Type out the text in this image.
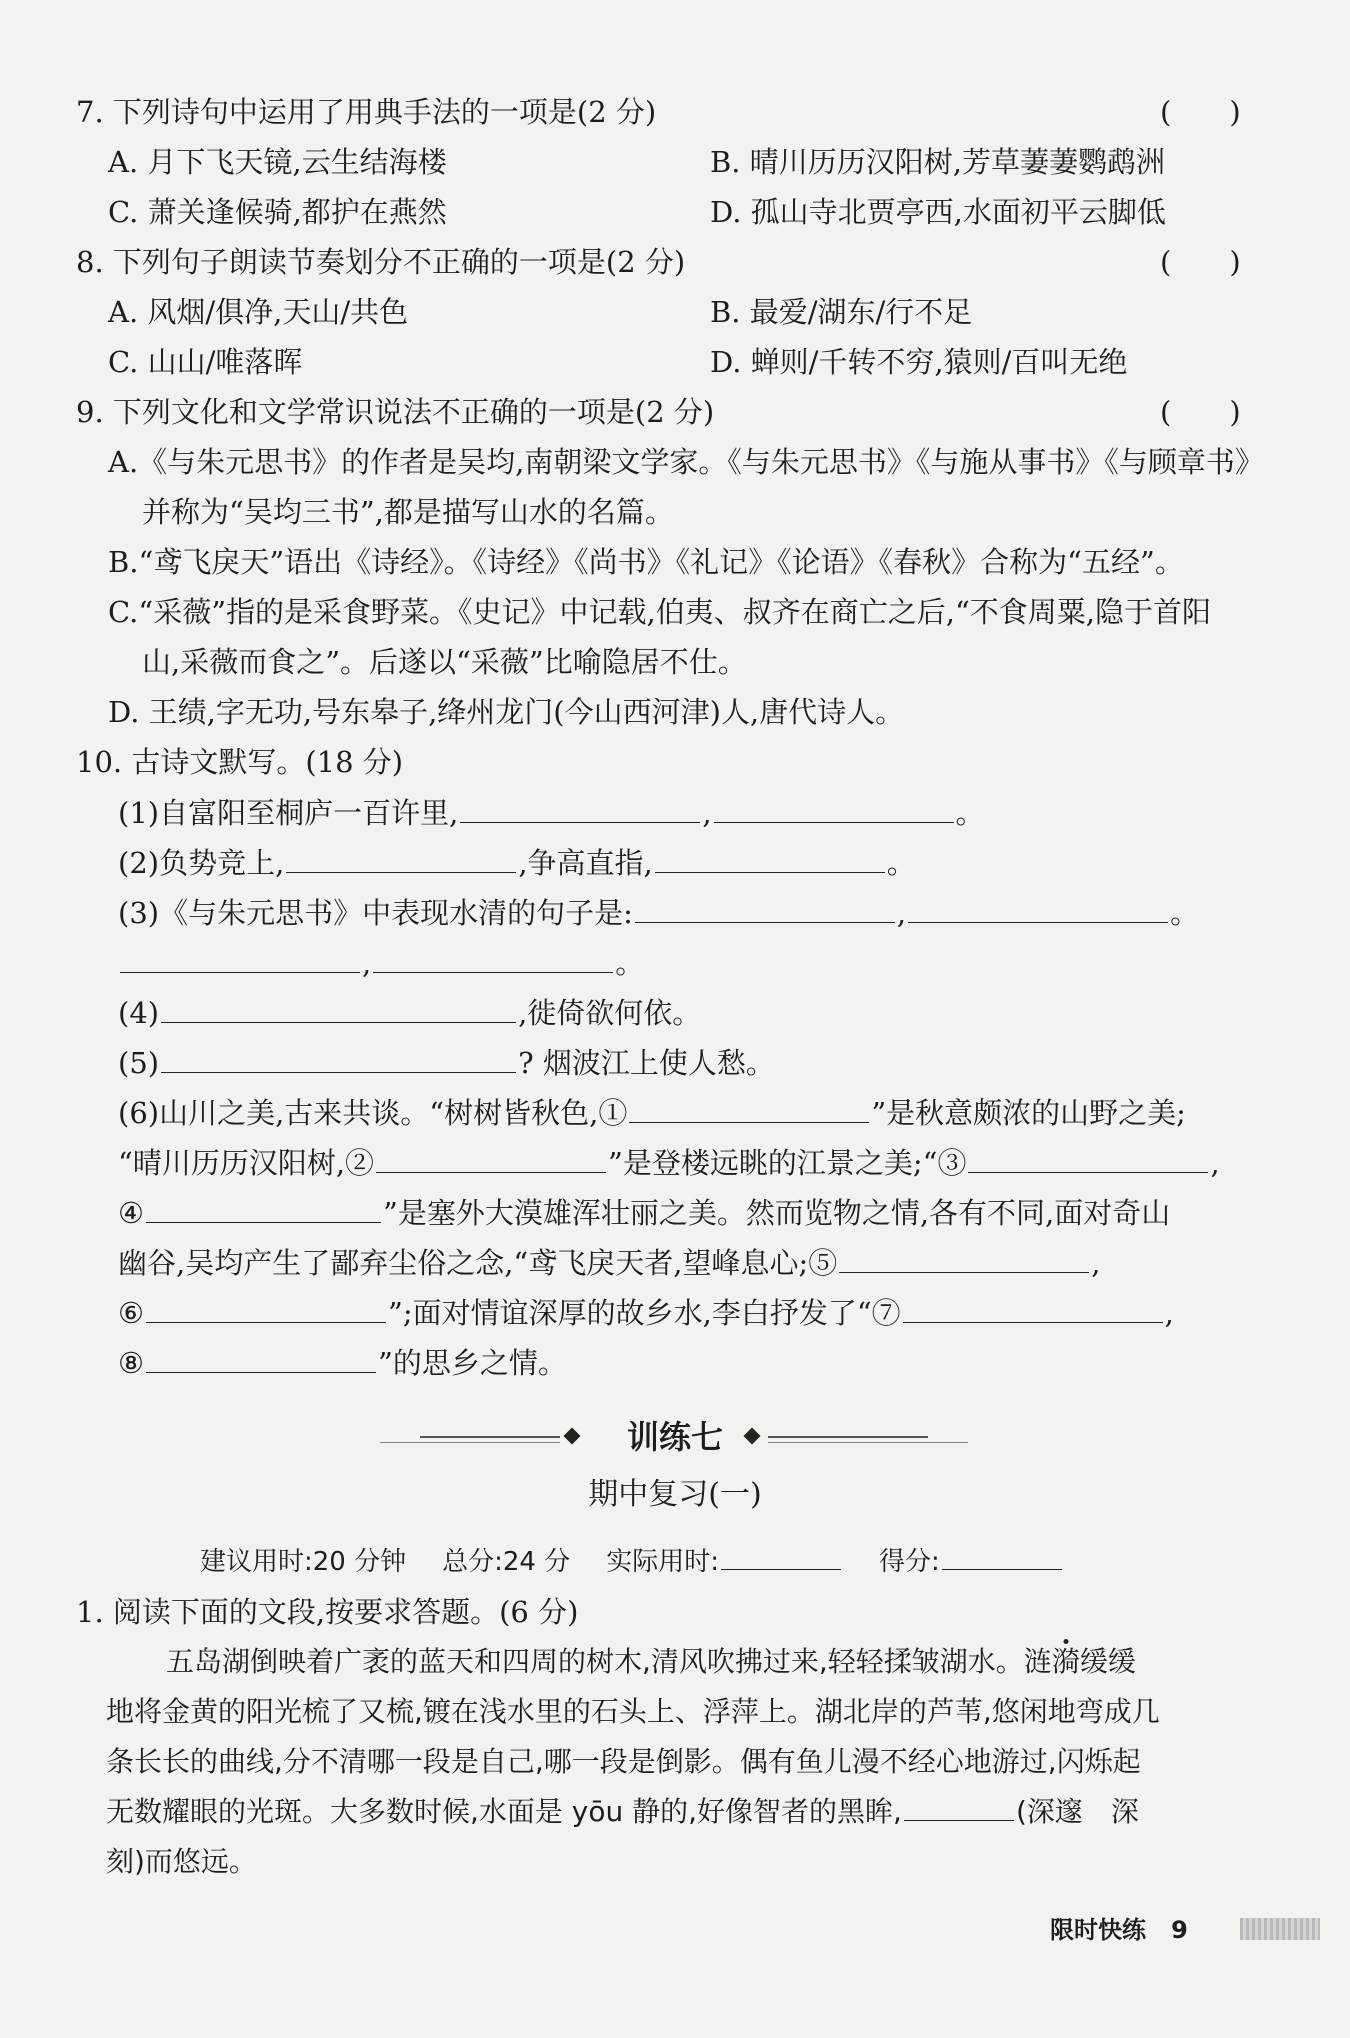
7. 下列诗句中运用了用典手法的一项是(2 分)	(　　)
A. 月下飞天镜,云生结海楼	B. 晴川历历汉阳树,芳草萋萋鹦鹉洲
C. 萧关逢候骑,都护在燕然	D. 孤山寺北贾亭西,水面初平云脚低
8. 下列句子朗读节奏划分不正确的一项是(2 分)	(　　)
A. 风烟/俱净,天山/共色	B. 最爱/湖东/行不足
C. 山山/唯落晖	D. 蝉则/千转不穷,猿则/百叫无绝
9. 下列文化和文学常识说法不正确的一项是(2 分)	(　　)
A.《与朱元思书》的作者是吴均,南朝梁文学家。《与朱元思书》《与施从事书》《与顾章书》
并称为“吴均三书”,都是描写山水的名篇。
B.“鸢飞戾天”语出《诗经》。《诗经》《尚书》《礼记》《论语》《春秋》合称为“五经”。
C.“采薇”指的是采食野菜。《史记》中记载,伯夷、叔齐在商亡之后,“不食周粟,隐于首阳
山,采薇而食之”。后遂以“采薇”比喻隐居不仕。
D. 王绩,字无功,号东皋子,绛州龙门(今山西河津)人,唐代诗人。
10. 古诗文默写。(18 分)
(1)自富阳至桐庐一百许里,	,	。
(2)负势竞上,	,争高直指,	。
(3)《与朱元思书》中表现水清的句子是:	,	。
,	。
(4)	,徙倚欲何依。
(5)	? 烟波江上使人愁。
(6)山川之美,古来共谈。“树树皆秋色,①	”是秋意颇浓的山野之美;
“晴川历历汉阳树,②	”是登楼远眺的江景之美;“③	,
④	”是塞外大漠雄浑壮丽之美。然而览物之情,各有不同,面对奇山
幽谷,吴均产生了鄙弃尘俗之念,“鸢飞戾天者,望峰息心;⑤	,
⑥	”;面对情谊深厚的故乡水,李白抒发了“⑦	,
⑧	”的思乡之情。
训练七
期中复习(一)
建议用时:20 分钟 总分:24 分 实际用时:	得分:
1. 阅读下面的文段,按要求答题。(6 分)
五岛湖倒映着广袤的蓝天和四周的树木,清风吹拂过来,轻轻揉皱湖水。涟漪缓缓
地将金黄的阳光梳了又梳,镀在浅水里的石头上、浮萍上。湖北岸的芦苇,悠闲地弯成几
条长长的曲线,分不清哪一段是自己,哪一段是倒影。偶有鱼儿漫不经心地游过,闪烁起
无数耀眼的光斑。大多数时候,水面是 yōu 静的,好像智者的黑眸,	(深邃　深
刻)而悠远。
限时快练 9
